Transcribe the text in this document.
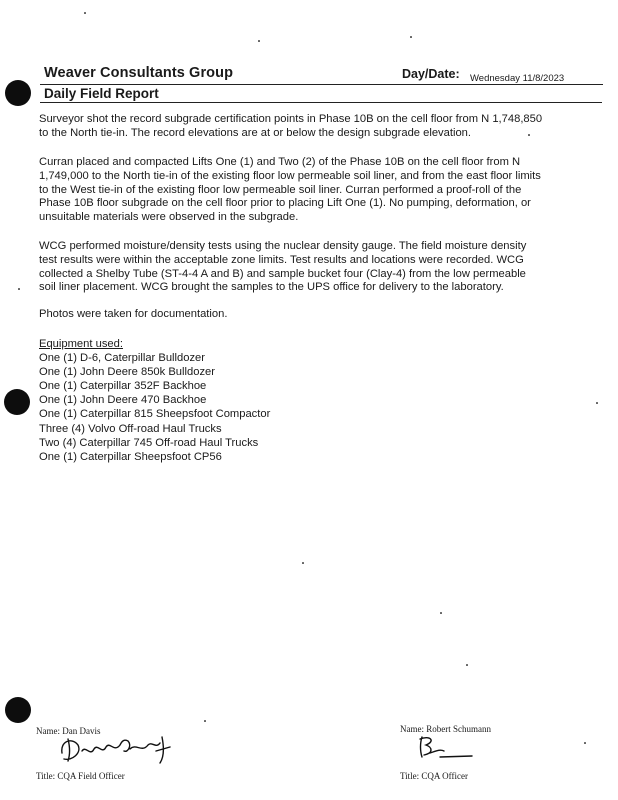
Weaver Consultants Group
Daily Field Report
Day/Date: Wednesday 11/8/2023
Surveyor shot the record subgrade certification points in Phase 10B on the cell floor from N 1,748,850
to the North tie-in. The record elevations are at or below the design subgrade elevation.
Curran placed and compacted Lifts One (1) and Two (2) of the Phase 10B on the cell floor from N
1,749,000 to the North tie-in of the existing floor low permeable soil liner, and from the east floor limits
to the West tie-in of the existing floor low permeable soil liner. Curran performed a proof-roll of the
Phase 10B floor subgrade on the cell floor prior to placing Lift One (1). No pumping, deformation, or
unsuitable materials were observed in the subgrade.
WCG performed moisture/density tests using the nuclear density gauge. The field moisture density
test results were within the acceptable zone limits. Test results and locations were recorded. WCG
collected a Shelby Tube (ST-4-4 A and B) and sample bucket four (Clay-4) from the low permeable
soil liner placement. WCG brought the samples to the UPS office for delivery to the laboratory.
Photos were taken for documentation.
Equipment used:
One (1) D-6, Caterpillar Bulldozer
One (1) John Deere 850k Bulldozer
One (1) Caterpillar 352F Backhoe
One (1) John Deere 470 Backhoe
One (1) Caterpillar 815 Sheepsfoot Compactor
Three (4) Volvo Off-road Haul Trucks
Two (4) Caterpillar 745 Off-road Haul Trucks
One (1) Caterpillar Sheepsfoot CP56
Name: Dan Davis
Title: CQA Field Officer
Name: Robert Schumann
Title: CQA Officer
